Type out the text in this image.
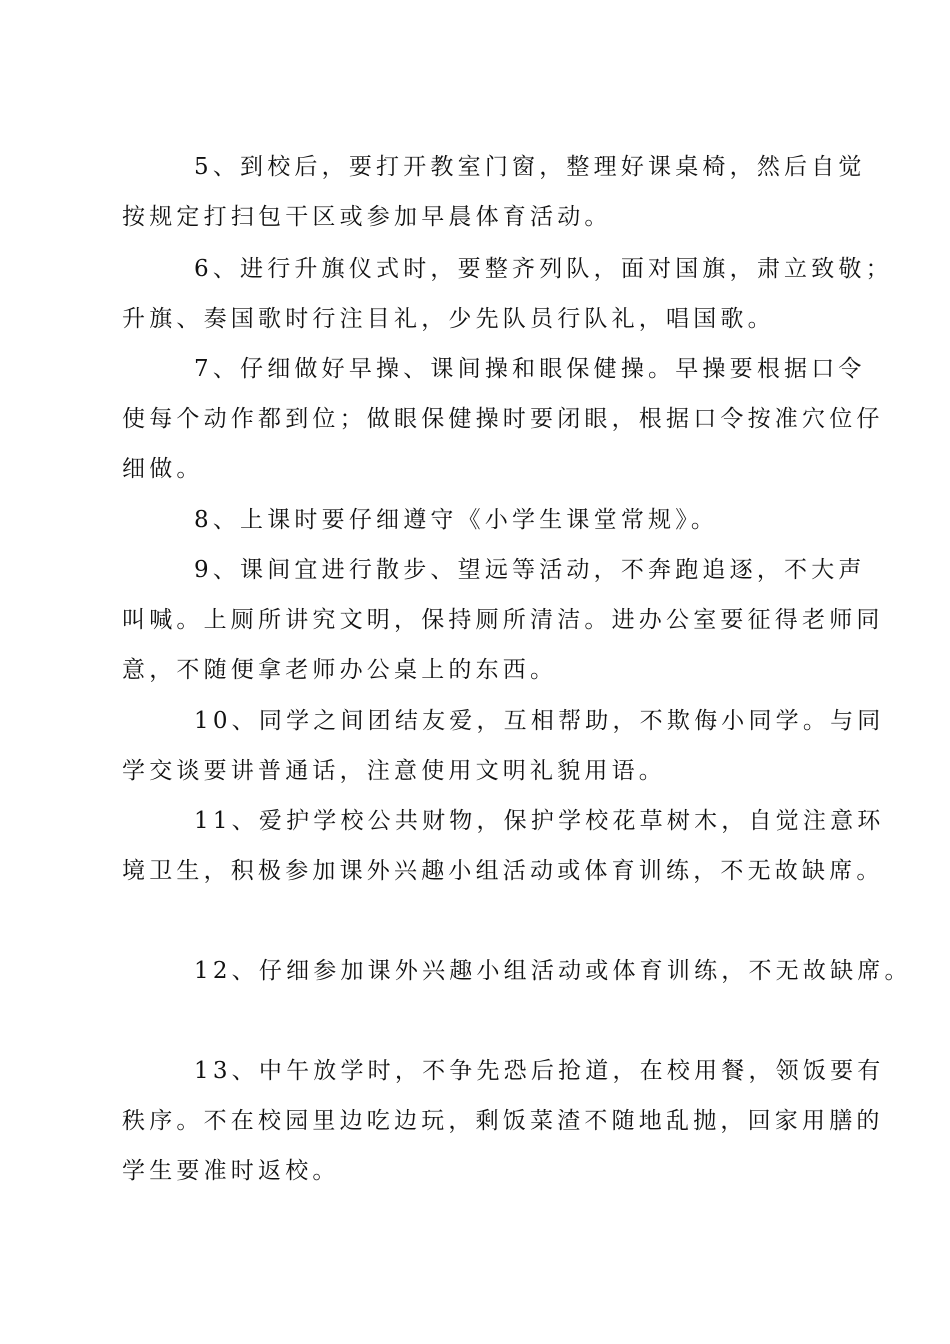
5、到校后，要打开教室门窗，整理好课桌椅，然后自觉
按规定打扫包干区或参加早晨体育活动。
6、进行升旗仪式时，要整齐列队，面对国旗，肃立致敬；
升旗、奏国歌时行注目礼，少先队员行队礼，唱国歌。
7、仔细做好早操、课间操和眼保健操。早操要根据口令
使每个动作都到位；做眼保健操时要闭眼，根据口令按准穴位仔
细做。
8、上课时要仔细遵守《小学生课堂常规》。
9、课间宜进行散步、望远等活动，不奔跑追逐，不大声
叫喊。上厕所讲究文明，保持厕所清洁。进办公室要征得老师同
意，不随便拿老师办公桌上的东西。
10、同学之间团结友爱，互相帮助，不欺侮小同学。与同
学交谈要讲普通话，注意使用文明礼貌用语。
11、爱护学校公共财物，保护学校花草树木，自觉注意环
境卫生，积极参加课外兴趣小组活动或体育训练，不无故缺席。
12、仔细参加课外兴趣小组活动或体育训练，不无故缺席。
13、中午放学时，不争先恐后抢道，在校用餐，领饭要有
秩序。不在校园里边吃边玩，剩饭菜渣不随地乱抛，回家用膳的
学生要准时返校。
